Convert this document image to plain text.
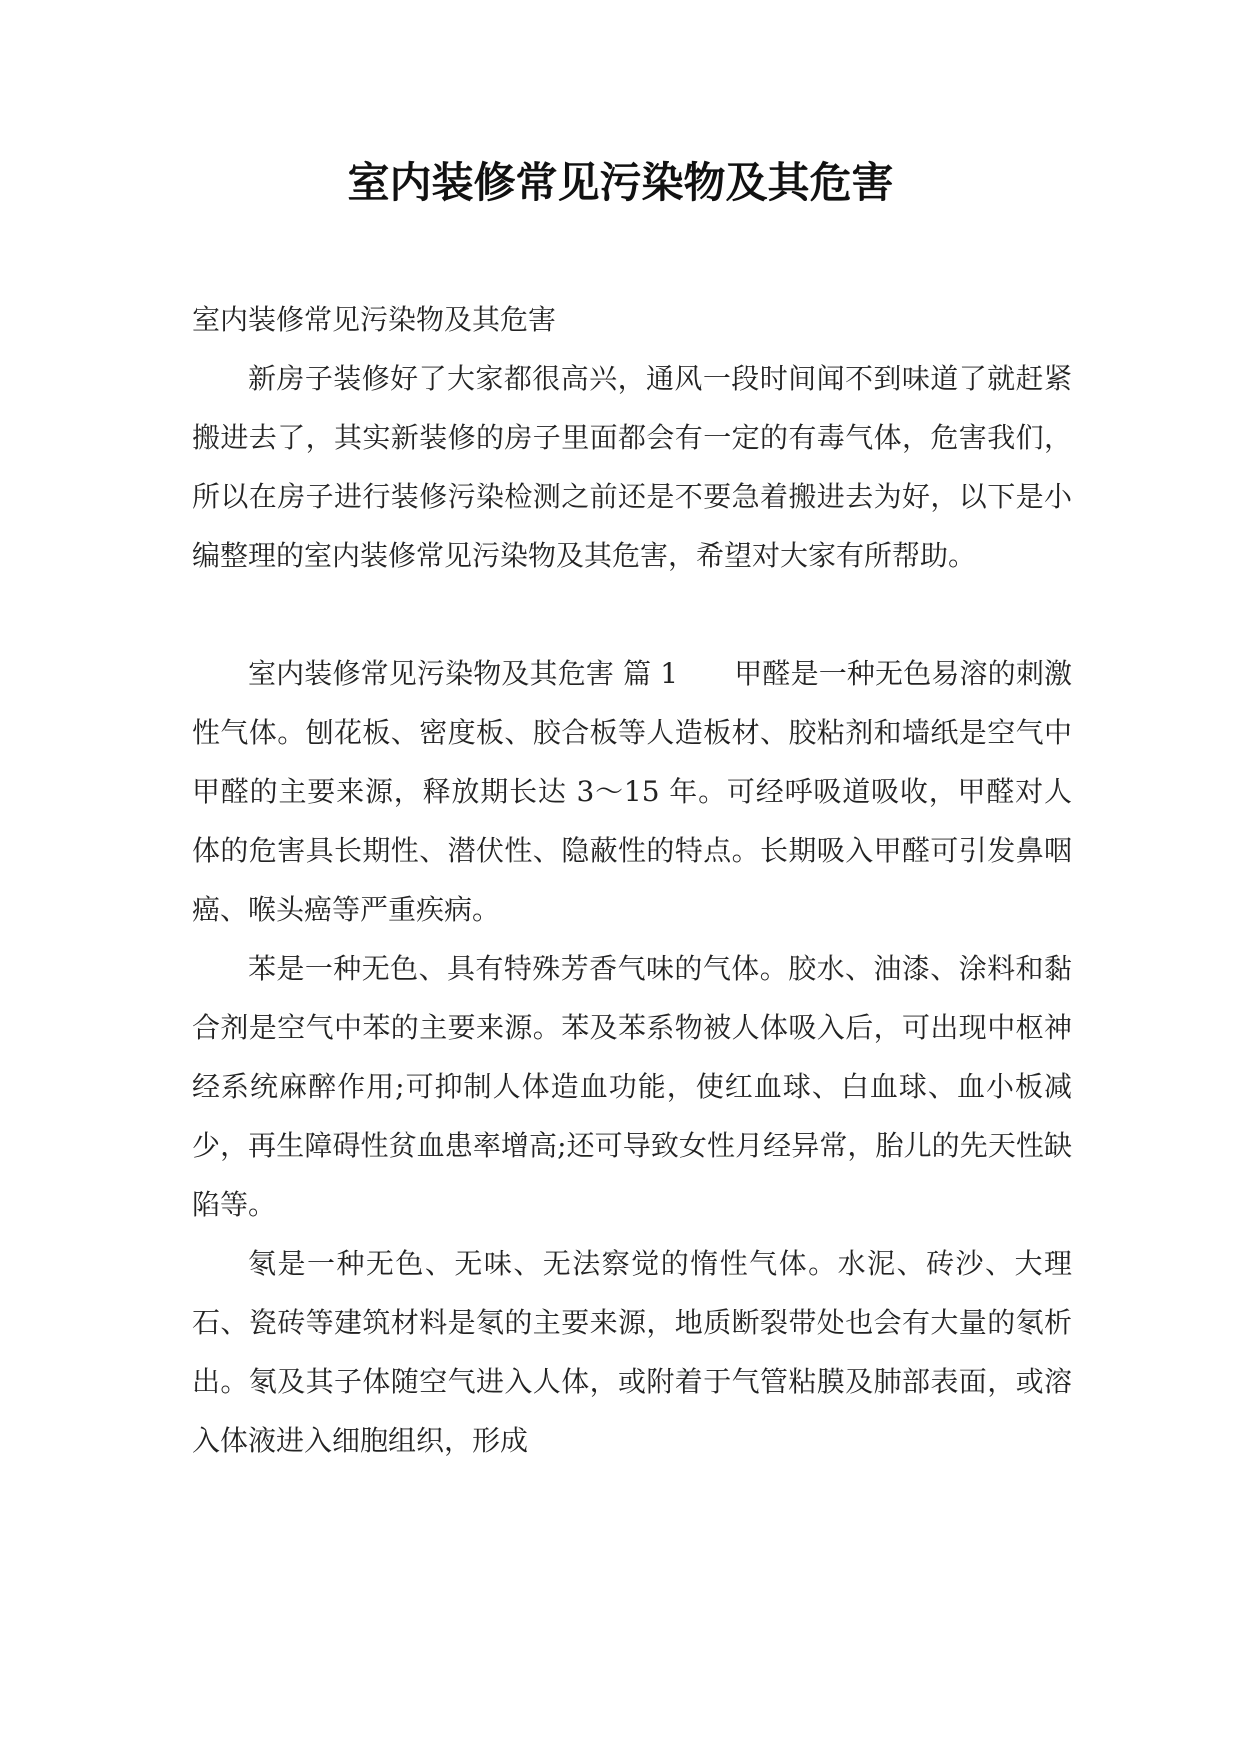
室内装修常见污染物及其危害

室内装修常见污染物及其危害

新房子装修好了大家都很高兴，通风一段时间闻不到味道了就赶紧搬进去了，其实新装修的房子里面都会有一定的有毒气体，危害我们，所以在房子进行装修污染检测之前还是不要急着搬进去为好，以下是小编整理的室内装修常见污染物及其危害，希望对大家有所帮助。

室内装修常见污染物及其危害 篇 1 甲醛是一种无色易溶的刺激性气体。刨花板、密度板、胶合板等人造板材、胶粘剂和墙纸是空气中甲醛的主要来源，释放期长达 3～15 年。可经呼吸道吸收，甲醛对人体的危害具长期性、潜伏性、隐蔽性的特点。长期吸入甲醛可引发鼻咽癌、喉头癌等严重疾病。

苯是一种无色、具有特殊芳香气味的气体。胶水、油漆、涂料和黏合剂是空气中苯的主要来源。苯及苯系物被人体吸入后，可出现中枢神经系统麻醉作用;可抑制人体造血功能，使红血球、白血球、血小板减少，再生障碍性贫血患率增高;还可导致女性月经异常，胎儿的先天性缺陷等。

氡是一种无色、无味、无法察觉的惰性气体。水泥、砖沙、大理石、瓷砖等建筑材料是氡的主要来源，地质断裂带处也会有大量的氡析出。氡及其子体随空气进入人体，或附着于气管粘膜及肺部表面，或溶入体液进入细胞组织，形成
